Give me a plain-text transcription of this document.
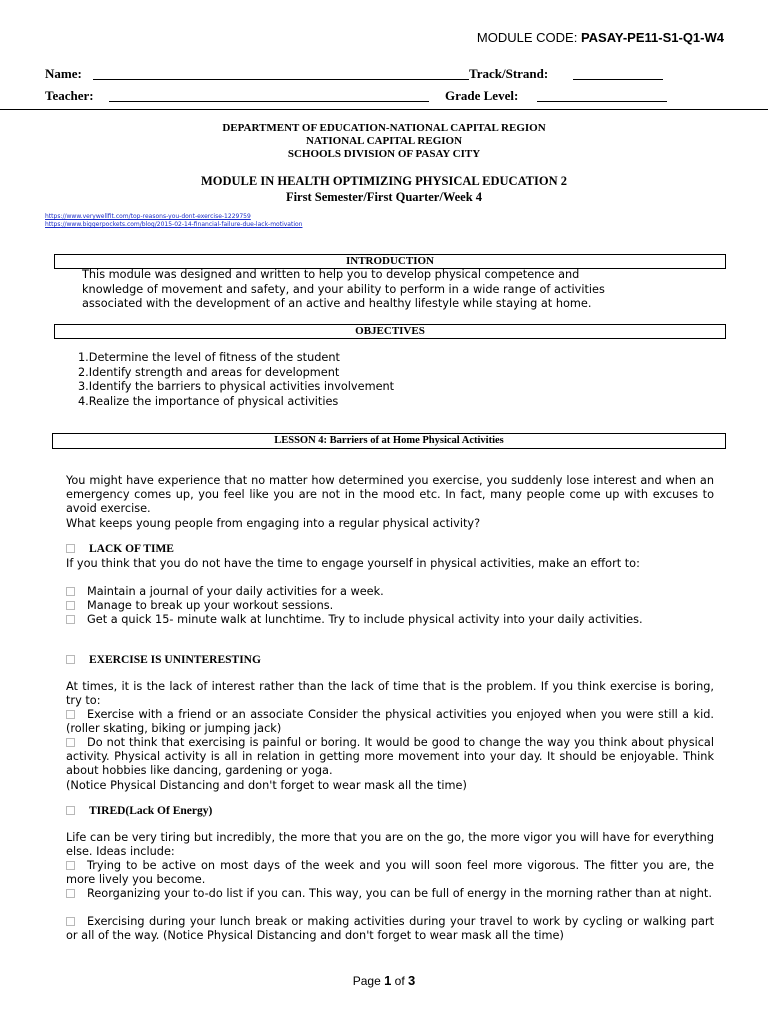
MODULE CODE: PASAY-PE11-S1-Q1-W4
Name:	Track/Strand:
Teacher:	Grade Level:
DEPARTMENT OF EDUCATION-NATIONAL CAPITAL REGION
NATIONAL CAPITAL REGION
SCHOOLS DIVISION OF PASAY CITY
MODULE IN HEALTH OPTIMIZING PHYSICAL EDUCATION 2
First Semester/First Quarter/Week 4
https://www.verywellfit.com/top-reasons-you-dont-exercise-1229759
https://www.biggerpockets.com/blog/2015-02-14-financial-failure-due-lack-motivation
INTRODUCTION
This module was designed and written to help you to develop physical competence and
knowledge of movement and safety, and your ability to perform in a wide range of activities
associated with the development of an active and healthy lifestyle while staying at home.
OBJECTIVES
1.Determine the level of fitness of the student
2.Identify strength and areas for development
3.Identify the barriers to physical activities involvement
4.Realize the importance of physical activities
LESSON 4: Barriers of at Home Physical Activities
You might have experience that no matter how determined you exercise, you suddenly lose interest and when an emergency comes up, you feel like you are not in the mood etc. In fact, many people come up with excuses to avoid exercise.
What keeps young people from engaging into a regular physical activity?
LACK OF TIME
If you think that you do not have the time to engage yourself in physical activities, make an effort to:
Maintain a journal of your daily activities for a week.
Manage to break up your workout sessions.
Get a quick 15- minute walk at lunchtime. Try to include physical activity into your daily activities.
EXERCISE IS UNINTERESTING
At times, it is the lack of interest rather than the lack of time that is the problem. If you think exercise is boring, try to:
Exercise with a friend or an associate Consider the physical activities you enjoyed when you were still a kid.(roller skating, biking or jumping jack)
Do not think that exercising is painful or boring. It would be good to change the way you think about physical activity. Physical activity is all in relation in getting more movement into your day. It should be enjoyable. Think about hobbies like dancing, gardening or yoga.
(Notice Physical Distancing and don't forget to wear mask all the time)
TIRED(Lack Of Energy)
Life can be very tiring but incredibly, the more that you are on the go, the more vigor you will have for everything else. Ideas include:
Trying to be active on most days of the week and you will soon feel more vigorous. The fitter you are, the more lively you become.
Reorganizing your to-do list if you can. This way, you can be full of energy in the morning rather than at night.
Exercising during your lunch break or making activities during your travel to work by cycling or walking part or all of the way. (Notice Physical Distancing and don't forget to wear mask all the time)
Page 1 of 3
